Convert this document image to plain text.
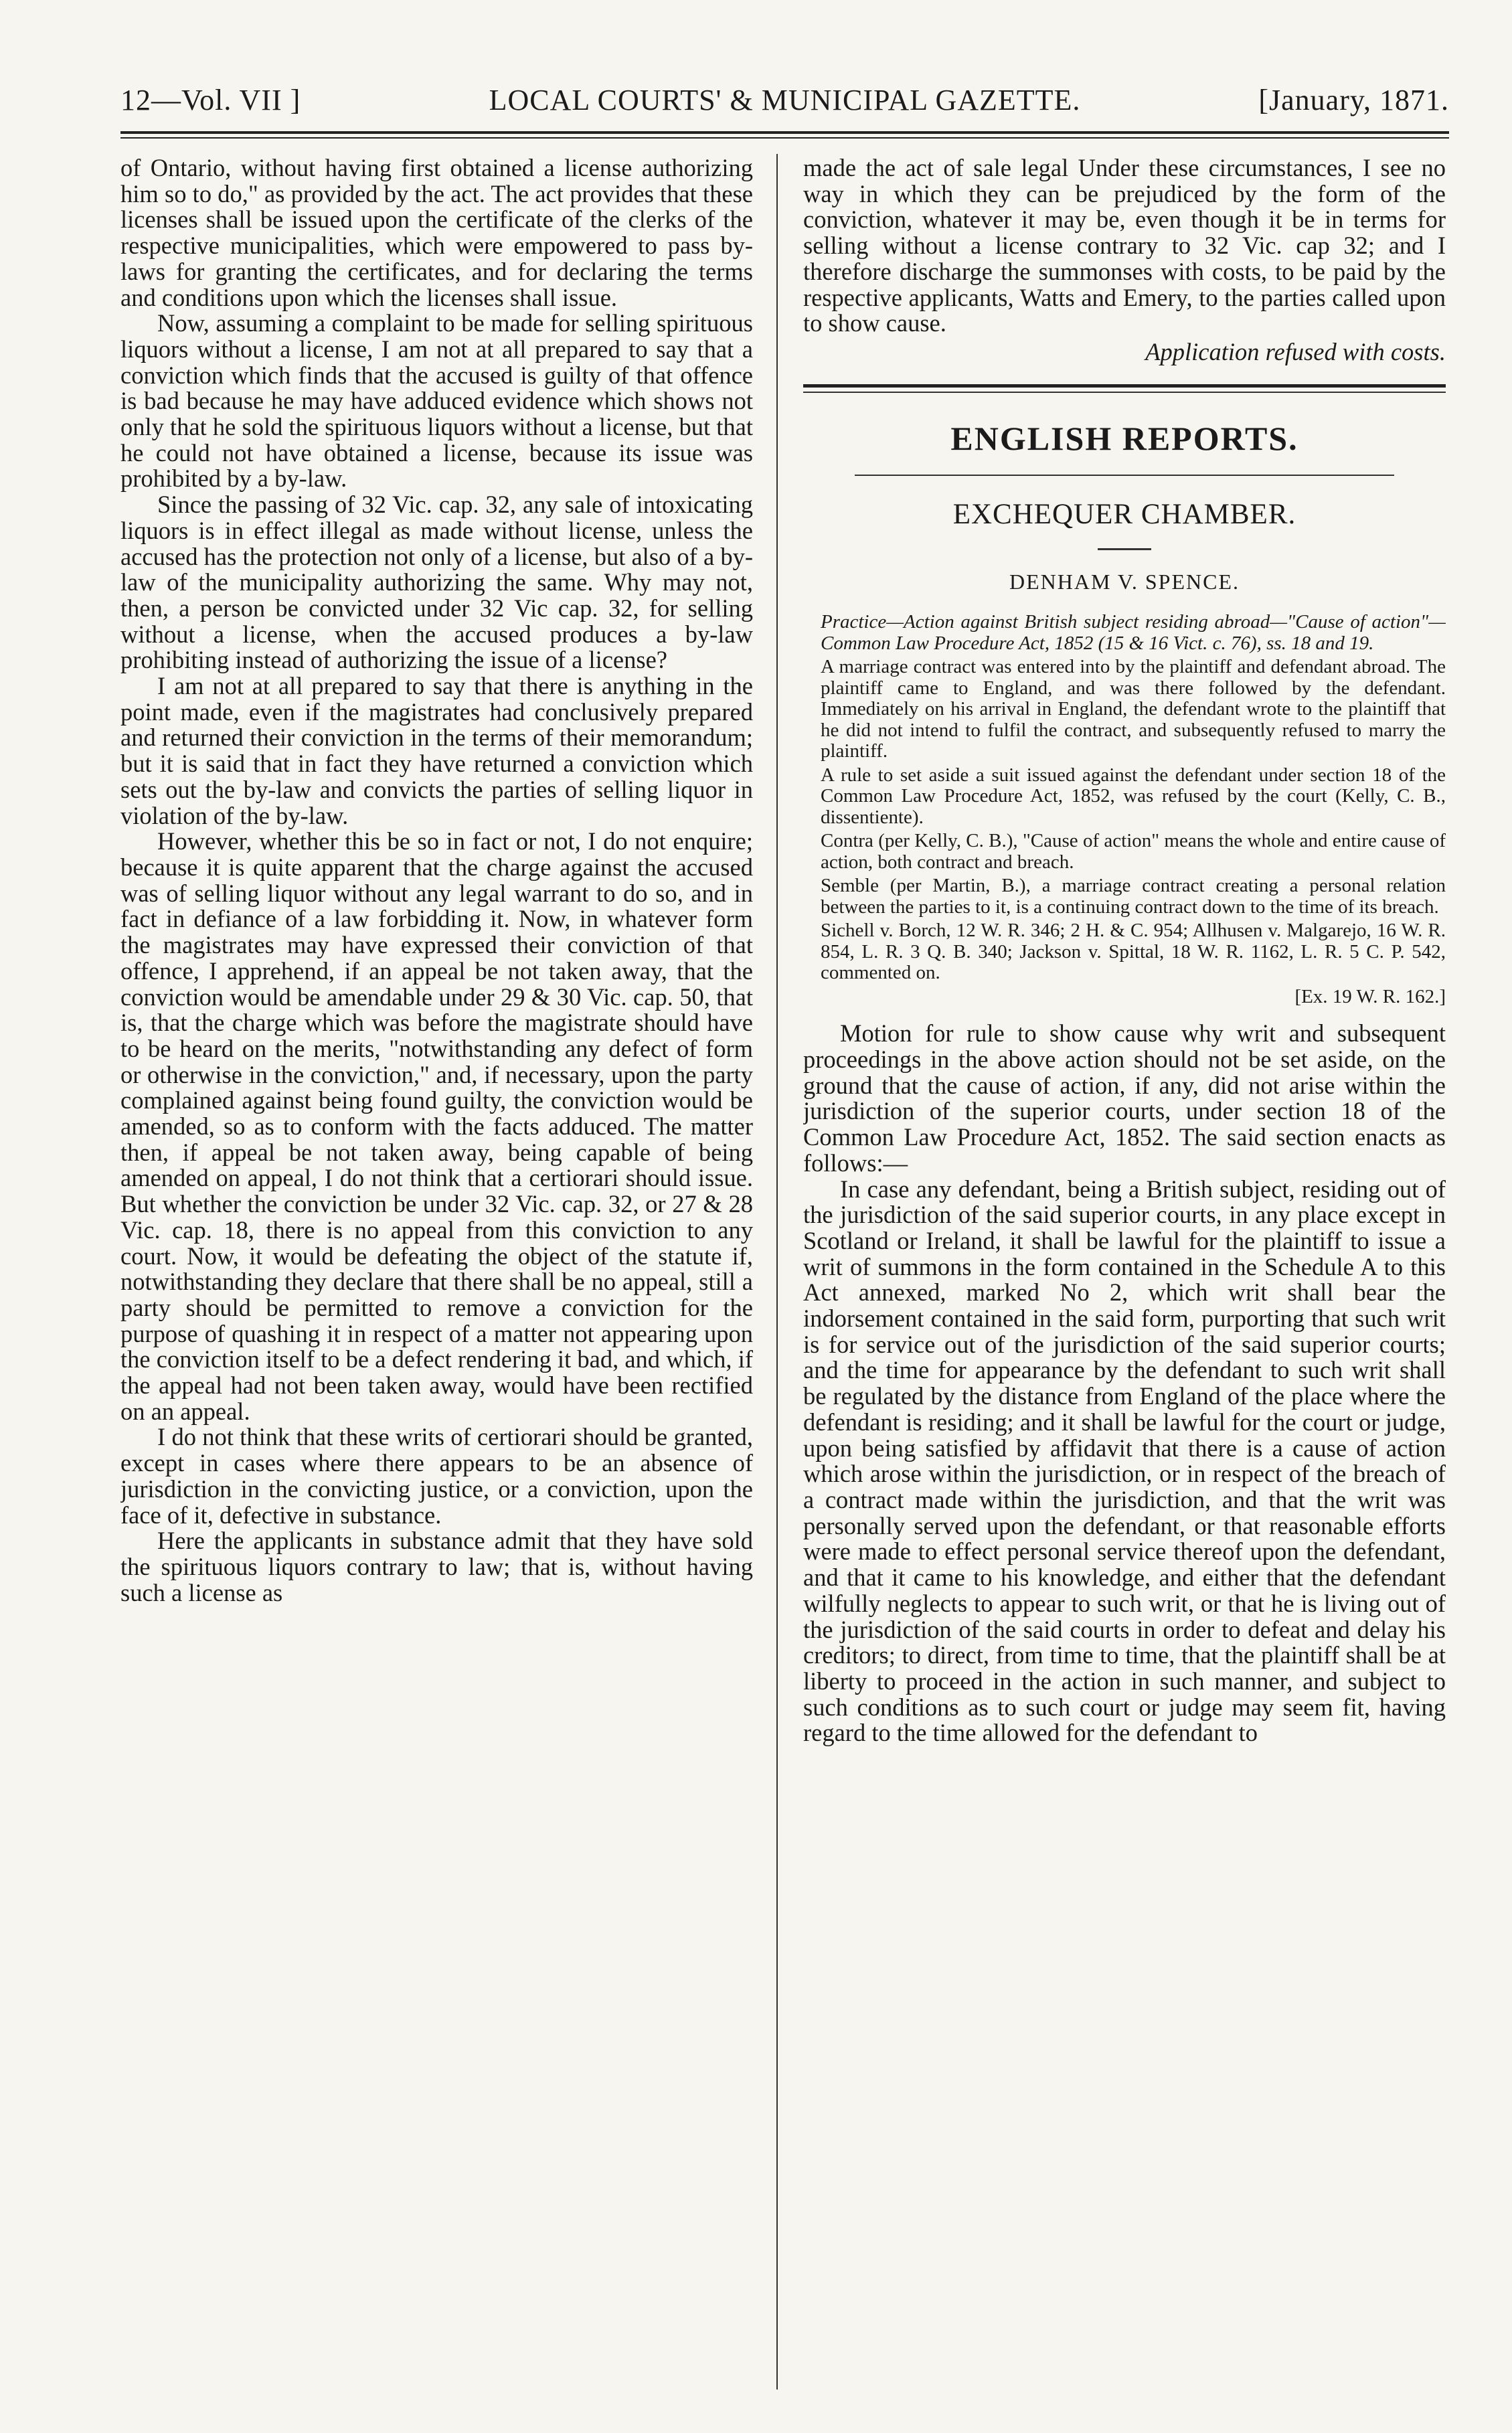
12—Vol. VII ]	LOCAL COURTS' & MUNICIPAL GAZETTE.	[January, 1871.

of Ontario, without having first obtained a license authorizing him so to do," as provided by the act. The act provides that these licenses shall be issued upon the certificate of the clerks of the respective municipalities, which were empowered to pass by-laws for granting the certificates, and for declaring the terms and conditions upon which the licenses shall issue.

Now, assuming a complaint to be made for selling spirituous liquors without a license, I am not at all prepared to say that a conviction which finds that the accused is guilty of that offence is bad because he may have adduced evidence which shows not only that he sold the spirituous liquors without a license, but that he could not have obtained a license, because its issue was prohibited by a by-law.

Since the passing of 32 Vic. cap. 32, any sale of intoxicating liquors is in effect illegal as made without license, unless the accused has the protection not only of a license, but also of a by-law of the municipality authorizing the same. Why may not, then, a person be convicted under 32 Vic cap. 32, for selling without a license, when the accused produces a by-law prohibiting instead of authorizing the issue of a license?

I am not at all prepared to say that there is anything in the point made, even if the magistrates had conclusively prepared and returned their conviction in the terms of their memorandum; but it is said that in fact they have returned a conviction which sets out the by-law and convicts the parties of selling liquor in violation of the by-law.

However, whether this be so in fact or not, I do not enquire; because it is quite apparent that the charge against the accused was of selling liquor without any legal warrant to do so, and in fact in defiance of a law forbidding it. Now, in whatever form the magistrates may have expressed their conviction of that offence, I apprehend, if an appeal be not taken away, that the conviction would be amendable under 29 & 30 Vic. cap. 50, that is, that the charge which was before the magistrate should have to be heard on the merits, "notwithstanding any defect of form or otherwise in the conviction," and, if necessary, upon the party complained against being found guilty, the conviction would be amended, so as to conform with the facts adduced. The matter then, if appeal be not taken away, being capable of being amended on appeal, I do not think that a certiorari should issue. But whether the conviction be under 32 Vic. cap. 32, or 27 & 28 Vic. cap. 18, there is no appeal from this conviction to any court. Now, it would be defeating the object of the statute if, notwithstanding they declare that there shall be no appeal, still a party should be permitted to remove a conviction for the purpose of quashing it in respect of a matter not appearing upon the conviction itself to be a defect rendering it bad, and which, if the appeal had not been taken away, would have been rectified on an appeal.

I do not think that these writs of certiorari should be granted, except in cases where there appears to be an absence of jurisdiction in the convicting justice, or a conviction, upon the face of it, defective in substance.

Here the applicants in substance admit that they have sold the spirituous liquors contrary to law; that is, without having such a license as

made the act of sale legal Under these circumstances, I see no way in which they can be prejudiced by the form of the conviction, whatever it may be, even though it be in terms for selling without a license contrary to 32 Vic. cap 32; and I therefore discharge the summonses with costs, to be paid by the respective applicants, Watts and Emery, to the parties called upon to show cause.

Application refused with costs.
ENGLISH REPORTS.
EXCHEQUER CHAMBER.
DENHAM V. SPENCE.

Practice—Action against British subject residing abroad—"Cause of action"—Common Law Procedure Act, 1852 (15 & 16 Vict. c. 76), ss. 18 and 19.

A marriage contract was entered into by the plaintiff and defendant abroad. The plaintiff came to England, and was there followed by the defendant. Immediately on his arrival in England, the defendant wrote to the plaintiff that he did not intend to fulfil the contract, and subsequently refused to marry the plaintiff.

A rule to set aside a suit issued against the defendant under section 18 of the Common Law Procedure Act, 1852, was refused by the court (Kelly, C. B., dissentiente).

Contra (per Kelly, C. B.), "Cause of action" means the whole and entire cause of action, both contract and breach.

Semble (per Martin, B.), a marriage contract creating a personal relation between the parties to it, is a continuing contract down to the time of its breach.

Sichell v. Borch, 12 W. R. 346; 2 H. & C. 954; Allhusen v. Malgarejo, 16 W. R. 854, L. R. 3 Q. B. 340; Jackson v. Spittal, 18 W. R. 1162, L. R. 5 C. P. 542, commented on.

[Ex. 19 W. R. 162.]

Motion for rule to show cause why writ and subsequent proceedings in the above action should not be set aside, on the ground that the cause of action, if any, did not arise within the jurisdiction of the superior courts, under section 18 of the Common Law Procedure Act, 1852. The said section enacts as follows:—

In case any defendant, being a British subject, residing out of the jurisdiction of the said superior courts, in any place except in Scotland or Ireland, it shall be lawful for the plaintiff to issue a writ of summons in the form contained in the Schedule A to this Act annexed, marked No 2, which writ shall bear the indorsement contained in the said form, purporting that such writ is for service out of the jurisdiction of the said superior courts; and the time for appearance by the defendant to such writ shall be regulated by the distance from England of the place where the defendant is residing; and it shall be lawful for the court or judge, upon being satisfied by affidavit that there is a cause of action which arose within the jurisdiction, or in respect of the breach of a contract made within the jurisdiction, and that the writ was personally served upon the defendant, or that reasonable efforts were made to effect personal service thereof upon the defendant, and that it came to his knowledge, and either that the defendant wilfully neglects to appear to such writ, or that he is living out of the jurisdiction of the said courts in order to defeat and delay his creditors; to direct, from time to time, that the plaintiff shall be at liberty to proceed in the action in such manner, and subject to such conditions as to such court or judge may seem fit, having regard to the time allowed for the defendant to
